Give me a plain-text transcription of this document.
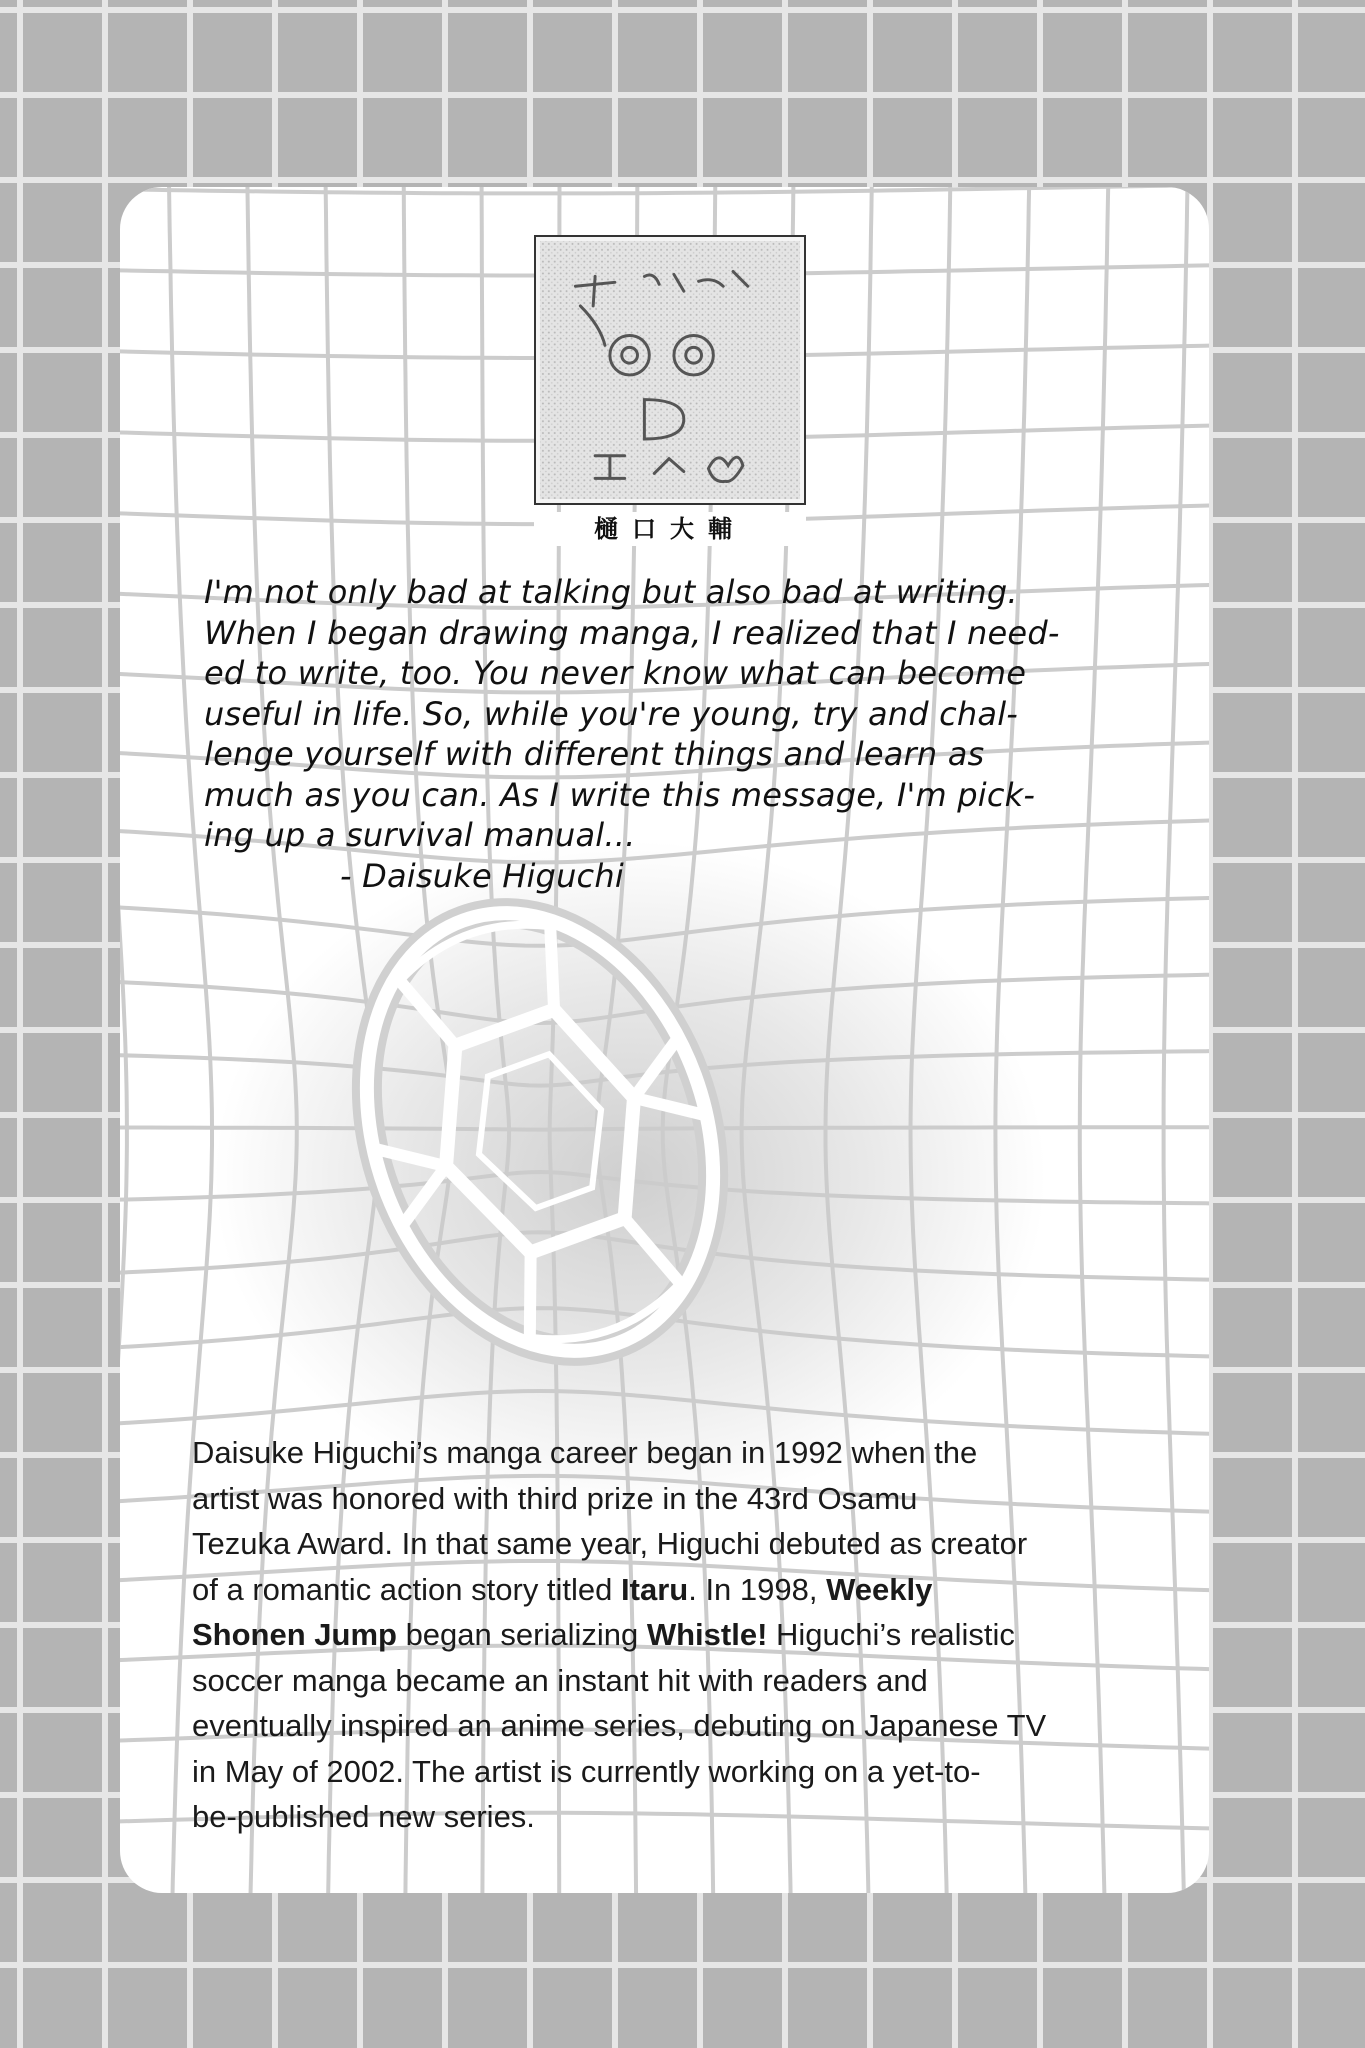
樋口大輔
I'm not only bad at talking but also bad at writing.
When I began drawing manga, I realized that I need-
ed to write, too. You never know what can become
useful in life. So, while you're young, try and chal-
lenge yourself with different things and learn as
much as you can. As I write this message, I'm pick-
ing up a survival manual...
- Daisuke Higuchi
Daisuke Higuchi’s manga career began in 1992 when the
artist was honored with third prize in the 43rd Osamu
Tezuka Award. In that same year, Higuchi debuted as creator
of a romantic action story titled Itaru. In 1998, Weekly
Shonen Jump began serializing Whistle! Higuchi’s realistic
soccer manga became an instant hit with readers and
eventually inspired an anime series, debuting on Japanese TV
in May of 2002. The artist is currently working on a yet-to-
be-published new series.
